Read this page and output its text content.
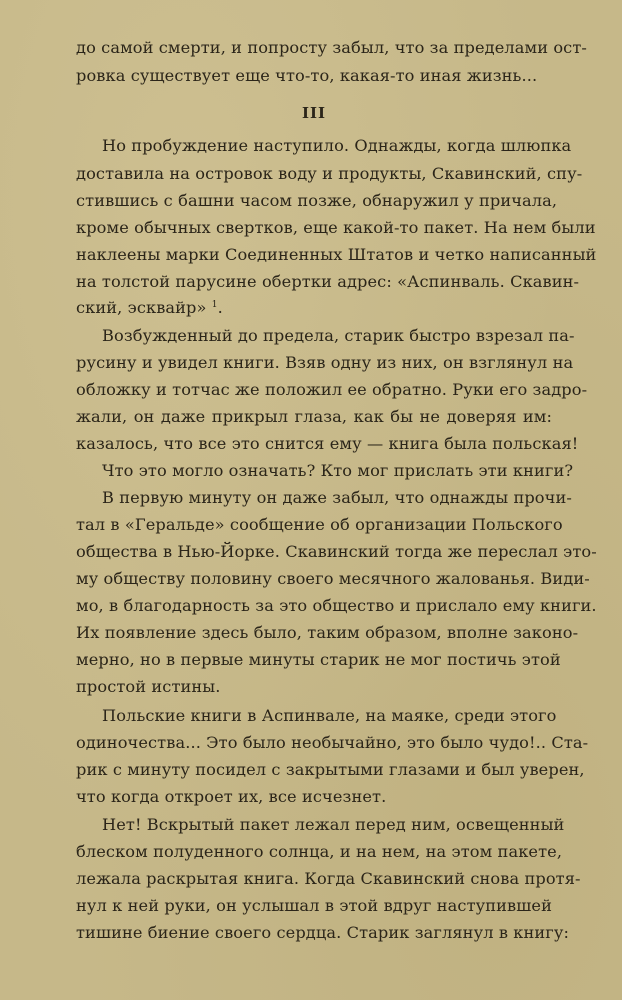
до самой смерти, и попросту забыл, что за пределами ост-
ровка существует еще что-то, какая-то иная жизнь...
III
Но пробуждение наступило. Однажды, когда шлюпка
доставила на островок воду и продукты, Скавинский, спу-
стившись с башни часом позже, обнаружил у причала,
кроме обычных свертков, еще какой-то пакет. На нем были
наклеены марки Соединенных Штатов и четко написанный
на толстой парусине обертки адрес: «Аспинваль. Скавин-
ский, эсквайр» $^1$.
Возбужденный до предела, старик быстро взрезал па-
русину и увидел книги. Взяв одну из них, он взглянул на
обложку и тотчас же положил ее обратно. Руки его задро-
жали, он даже прикрыл глаза, как бы не доверяя им:
казалось, что все это снится ему — книга была польская!
Что это могло означать? Кто мог прислать эти книги?
В первую минуту он даже забыл, что однажды прочи-
тал в «Геральде» сообщение об организации Польского
общества в Нью-Йорке. Скавинский тогда же переслал это-
му обществу половину своего месячного жалованья. Види-
мо, в благодарность за это общество и прислало ему книги.
Их появление здесь было, таким образом, вполне законо-
мерно, но в первые минуты старик не мог постичь этой
простой истины.
Польские книги в Аспинвале, на маяке, среди этого
одиночества... Это было необычайно, это было чудо!.. Ста-
рик с минуту посидел с закрытыми глазами и был уверен,
что когда откроет их, все исчезнет.
Нет! Вскрытый пакет лежал перед ним, освещенный
блеском полуденного солнца, и на нем, на этом пакете,
лежала раскрытая книга. Когда Скавинский снова протя-
нул к ней руки, он услышал в этой вдруг наступившей
тишине биение своего сердца. Старик заглянул в книгу:
